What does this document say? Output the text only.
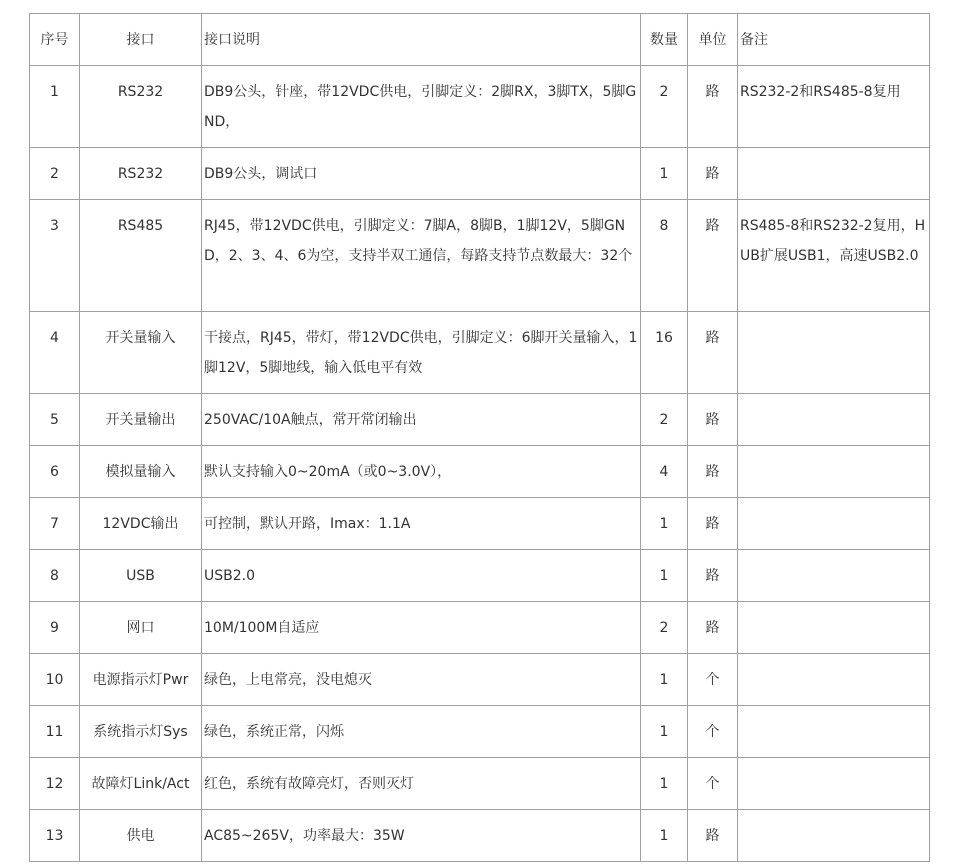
序号	接口	接口说明	数量	单位	备注
1	RS232	DB9公头，针座，带12VDC供电，引脚定义：2脚RX，3脚TX，5脚GND，	2	路	RS232-2和RS485-8复用
2	RS232	DB9公头，调试口	1	路	
3	RS485	RJ45，带12VDC供电，引脚定义：7脚A，8脚B，1脚12V，5脚GND，2、3、4、6为空，支持半双工通信，每路支持节点数最大：32个	8	路	RS485-8和RS232-2复用，HUB扩展USB1，高速USB2.0
4	开关量输入	干接点，RJ45，带灯，带12VDC供电，引脚定义：6脚开关量输入，1脚12V，5脚地线，输入低电平有效	16	路	
5	开关量输出	250VAC/10A触点，常开常闭输出	2	路	
6	模拟量输入	默认支持输入0~20mA（或0~3.0V），	4	路	
7	12VDC输出	可控制，默认开路，Imax：1.1A	1	路	
8	USB	USB2.0	1	路	
9	网口	10M/100M自适应	2	路	
10	电源指示灯Pwr	绿色，上电常亮，没电熄灭	1	个	
11	系统指示灯Sys	绿色，系统正常，闪烁	1	个	
12	故障灯Link/Act	红色，系统有故障亮灯，否则灭灯	1	个	
13	供电	AC85~265V，功率最大：35W	1	路	
